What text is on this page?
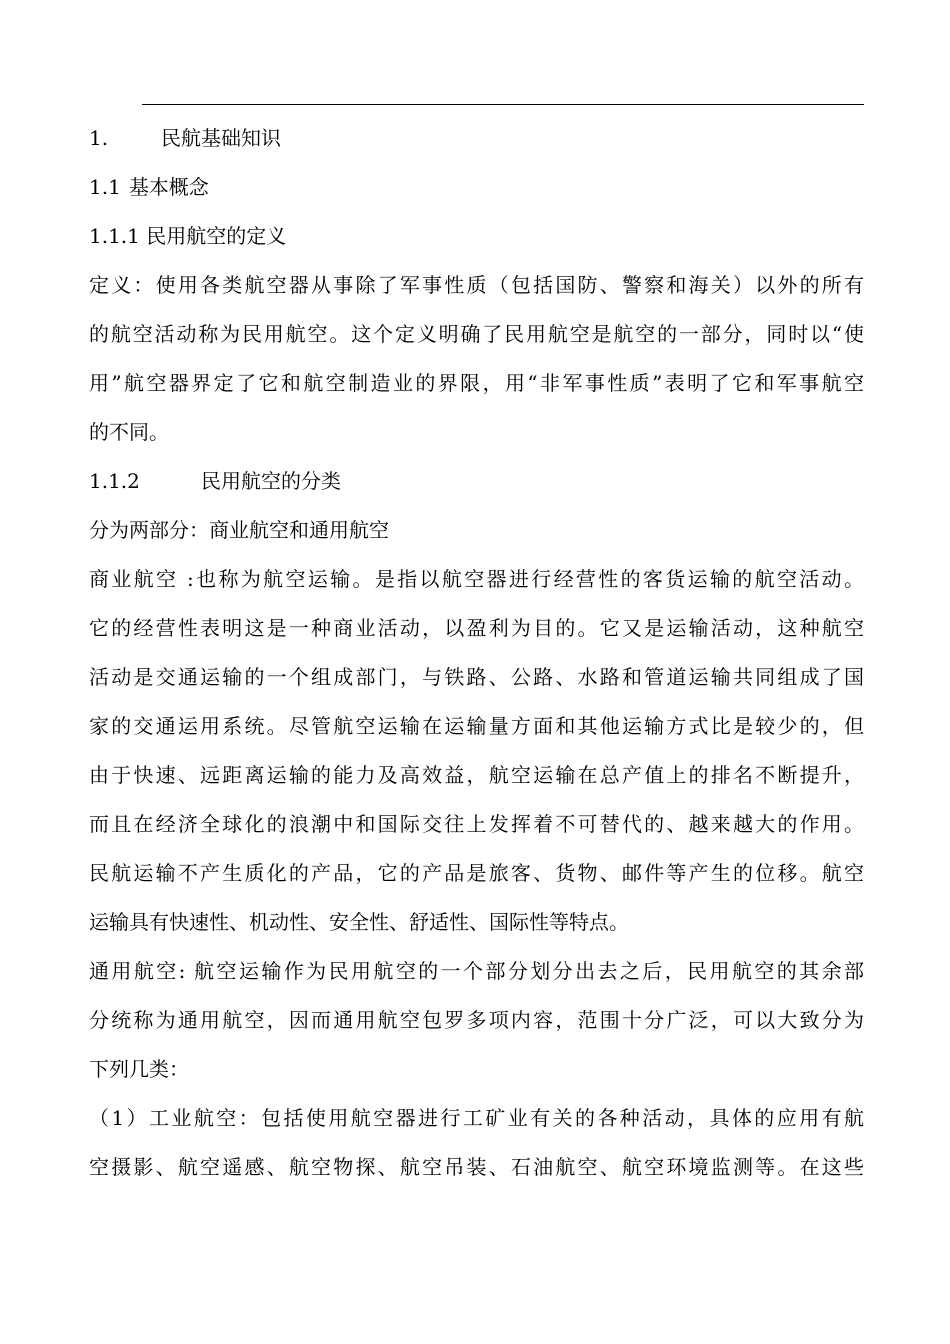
1.	民航基础知识
1.1 基本概念
1.1.1 民用航空的定义
定义：使用各类航空器从事除了军事性质（包括国防、警察和海关）以外的所有
的航空活动称为民用航空。这个定义明确了民用航空是航空的一部分，同时以“使
用”航空器界定了它和航空制造业的界限，用“非军事性质”表明了它和军事航空
的不同。
1.1.2	民用航空的分类
分为两部分：商业航空和通用航空
商业航空 :也称为航空运输。是指以航空器进行经营性的客货运输的航空活动。
它的经营性表明这是一种商业活动，以盈利为目的。它又是运输活动，这种航空
活动是交通运输的一个组成部门，与铁路、公路、水路和管道运输共同组成了国
家的交通运用系统。尽管航空运输在运输量方面和其他运输方式比是较少的，但
由于快速、远距离运输的能力及高效益，航空运输在总产值上的排名不断提升，
而且在经济全球化的浪潮中和国际交往上发挥着不可替代的、越来越大的作用。
民航运输不产生质化的产品，它的产品是旅客、货物、邮件等产生的位移。航空
运输具有快速性、机动性、安全性、舒适性、国际性等特点。
通用航空: 航空运输作为民用航空的一个部分划分出去之后，民用航空的其余部
分统称为通用航空，因而通用航空包罗多项内容，范围十分广泛，可以大致分为
下列几类：
（1）工业航空：包括使用航空器进行工矿业有关的各种活动，具体的应用有航
空摄影、航空遥感、航空物探、航空吊装、石油航空、航空环境监测等。在这些
